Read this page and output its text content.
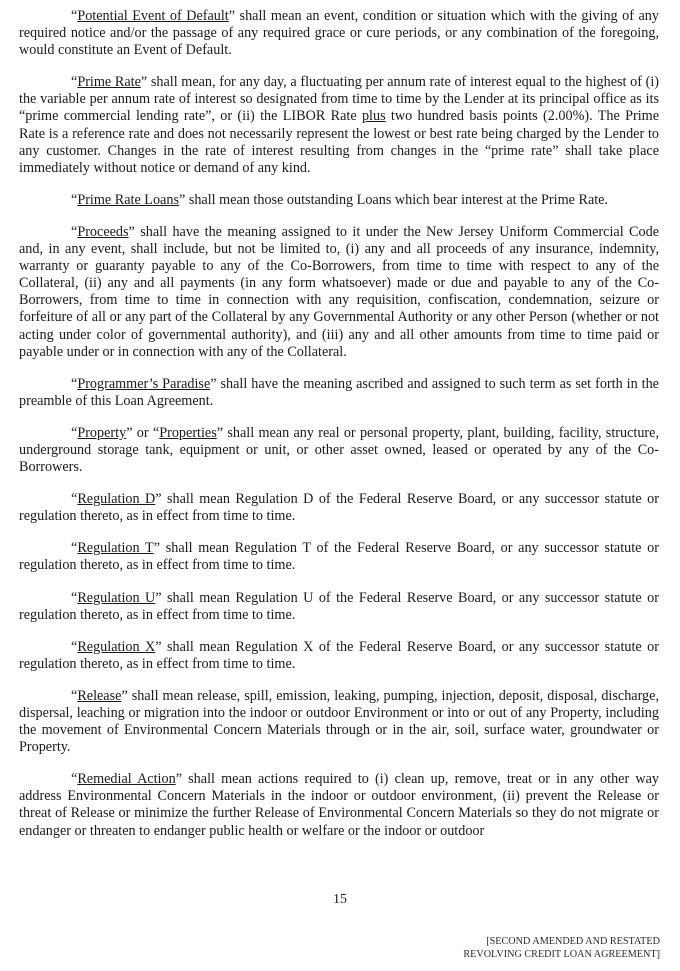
“Potential Event of Default” shall mean an event, condition or situation which with the giving of any required notice and/or the passage of any required grace or cure periods, or any combination of the foregoing, would constitute an Event of Default.

“Prime Rate” shall mean, for any day, a fluctuating per annum rate of interest equal to the highest of (i) the variable per annum rate of interest so designated from time to time by the Lender at its principal office as its “prime commercial lending rate”, or (ii) the LIBOR Rate plus two hundred basis points (2.00%). The Prime Rate is a reference rate and does not necessarily represent the lowest or best rate being charged by the Lender to any customer. Changes in the rate of interest resulting from changes in the “prime rate” shall take place immediately without notice or demand of any kind.

“Prime Rate Loans” shall mean those outstanding Loans which bear interest at the Prime Rate.

“Proceeds” shall have the meaning assigned to it under the New Jersey Uniform Commercial Code and, in any event, shall include, but not be limited to, (i) any and all proceeds of any insurance, indemnity, warranty or guaranty payable to any of the Co-Borrowers, from time to time with respect to any of the Collateral, (ii) any and all payments (in any form whatsoever) made or due and payable to any of the Co-Borrowers, from time to time in connection with any requisition, confiscation, condemnation, seizure or forfeiture of all or any part of the Collateral by any Governmental Authority or any other Person (whether or not acting under color of governmental authority), and (iii) any and all other amounts from time to time paid or payable under or in connection with any of the Collateral.

“Programmer’s Paradise” shall have the meaning ascribed and assigned to such term as set forth in the preamble of this Loan Agreement.

“Property” or “Properties” shall mean any real or personal property, plant, building, facility, structure, underground storage tank, equipment or unit, or other asset owned, leased or operated by any of the Co-Borrowers.

“Regulation D” shall mean Regulation D of the Federal Reserve Board, or any successor statute or regulation thereto, as in effect from time to time.

“Regulation T” shall mean Regulation T of the Federal Reserve Board, or any successor statute or regulation thereto, as in effect from time to time.

“Regulation U” shall mean Regulation U of the Federal Reserve Board, or any successor statute or regulation thereto, as in effect from time to time.

“Regulation X” shall mean Regulation X of the Federal Reserve Board, or any successor statute or regulation thereto, as in effect from time to time.

“Release” shall mean release, spill, emission, leaking, pumping, injection, deposit, disposal, discharge, dispersal, leaching or migration into the indoor or outdoor Environment or into or out of any Property, including the movement of Environmental Concern Materials through or in the air, soil, surface water, groundwater or Property.

“Remedial Action” shall mean actions required to (i) clean up, remove, treat or in any other way address Environmental Concern Materials in the indoor or outdoor environment, (ii) prevent the Release or threat of Release or minimize the further Release of Environmental Concern Materials so they do not migrate or endanger or threaten to endanger public health or welfare or the indoor or outdoor

15
[SECOND AMENDED AND RESTATED
REVOLVING CREDIT LOAN AGREEMENT]
